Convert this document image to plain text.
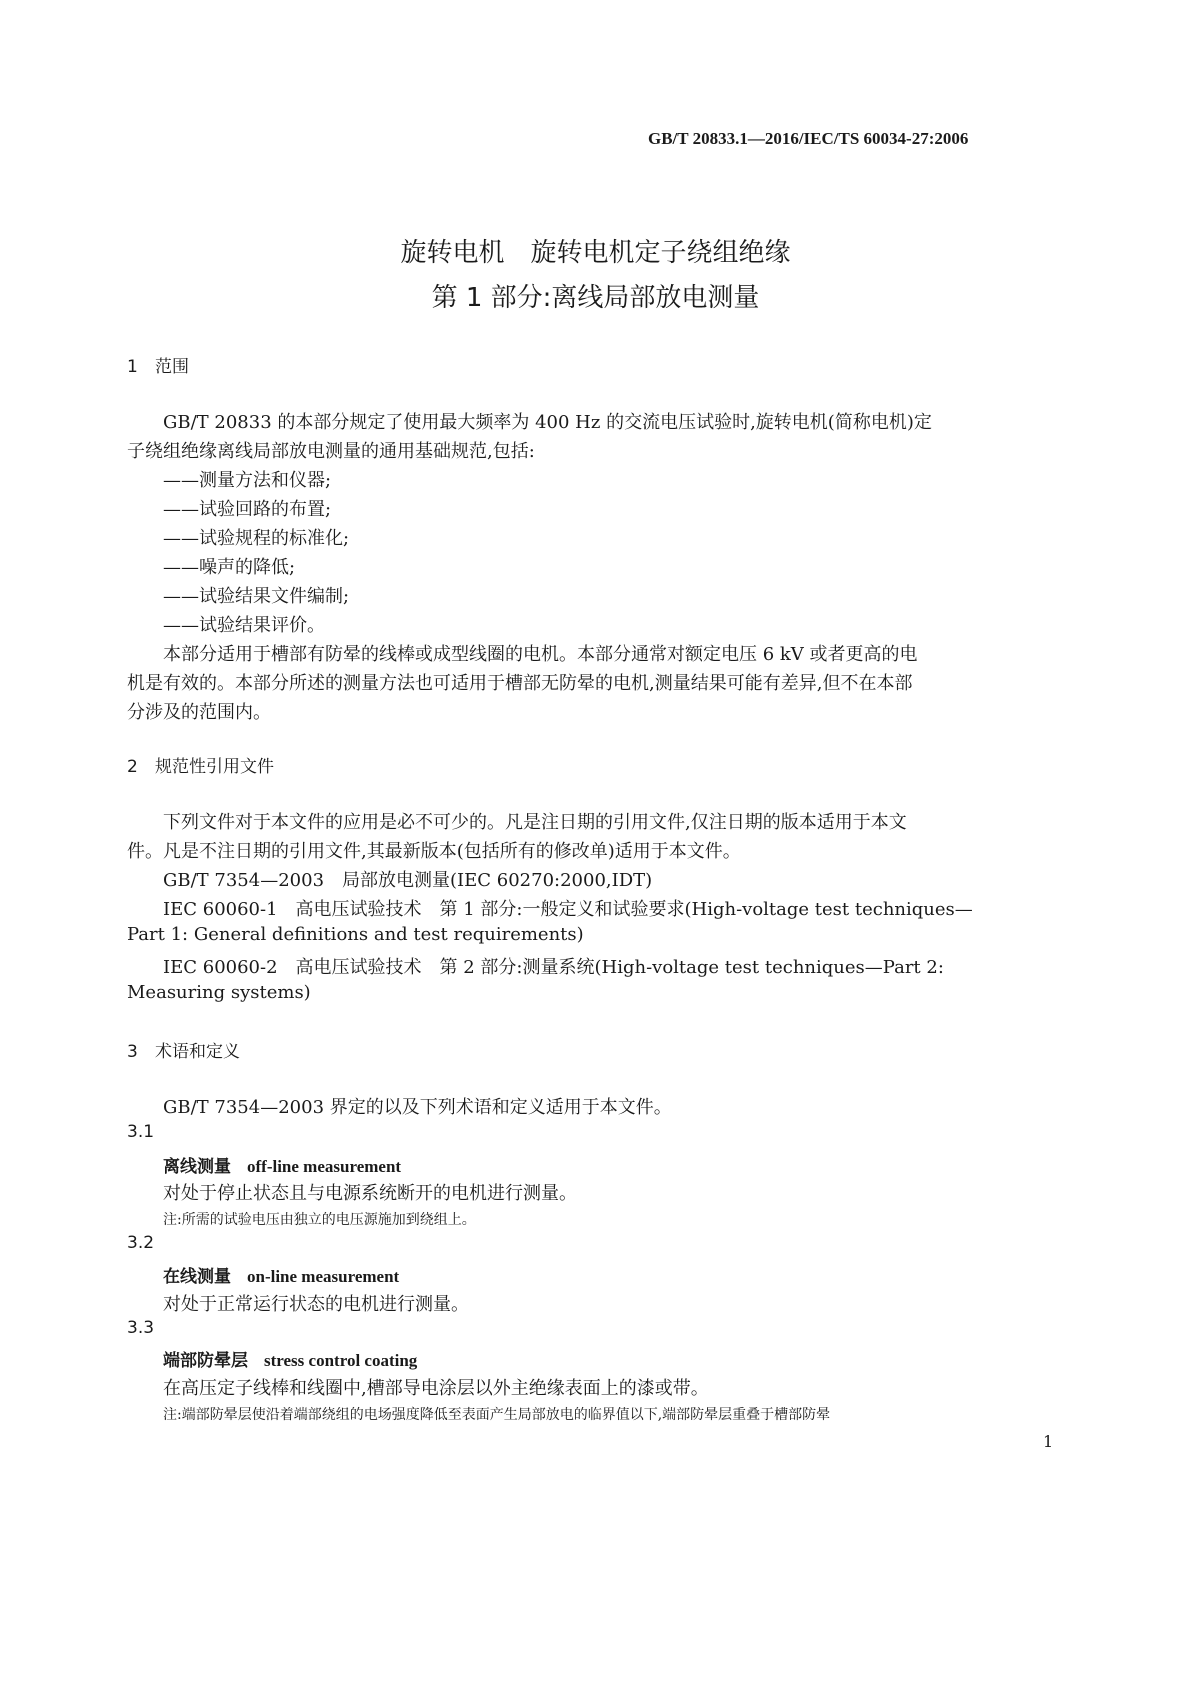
GB/T 20833.1—2016/IEC/TS 60034-27:2006
旋转电机　旋转电机定子绕组绝缘
第 1 部分:离线局部放电测量
1 范围
GB/T 20833 的本部分规定了使用最大频率为 400 Hz 的交流电压试验时,旋转电机(简称电机)定
子绕组绝缘离线局部放电测量的通用基础规范,包括:
——测量方法和仪器;
——试验回路的布置;
——试验规程的标准化;
——噪声的降低;
——试验结果文件编制;
——试验结果评价。
本部分适用于槽部有防晕的线棒或成型线圈的电机。本部分通常对额定电压 6 kV 或者更高的电
机是有效的。本部分所述的测量方法也可适用于槽部无防晕的电机,测量结果可能有差异,但不在本部
分涉及的范围内。
2 规范性引用文件
下列文件对于本文件的应用是必不可少的。凡是注日期的引用文件,仅注日期的版本适用于本文
件。凡是不注日期的引用文件,其最新版本(包括所有的修改单)适用于本文件。
GB/T 7354—2003　局部放电测量(IEC 60270:2000,IDT)
IEC 60060-1　高电压试验技术　第 1 部分:一般定义和试验要求(High-voltage test techniques—
Part 1: General definitions and test requirements)
IEC 60060-2　高电压试验技术　第 2 部分:测量系统(High-voltage test techniques—Part 2:
Measuring systems)
3 术语和定义
GB/T 7354—2003 界定的以及下列术语和定义适用于本文件。
3.1
离线测量 off-line measurement
对处于停止状态且与电源系统断开的电机进行测量。
注:所需的试验电压由独立的电压源施加到绕组上。
3.2
在线测量 on-line measurement
对处于正常运行状态的电机进行测量。
3.3
端部防晕层 stress control coating
在高压定子线棒和线圈中,槽部导电涂层以外主绝缘表面上的漆或带。
注:端部防晕层使沿着端部绕组的电场强度降低至表面产生局部放电的临界值以下,端部防晕层重叠于槽部防晕
1
